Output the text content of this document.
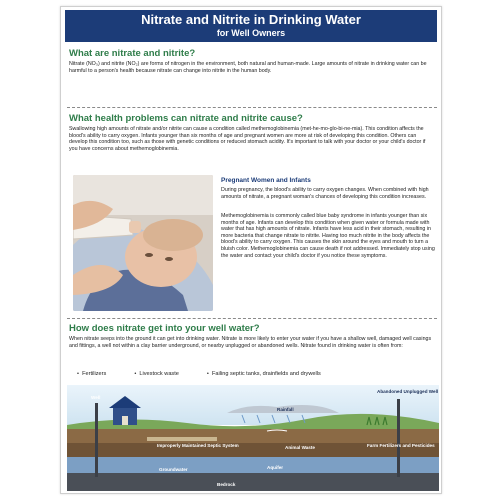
Nitrate and Nitrite in Drinking Water
for Well Owners
What are nitrate and nitrite?

Nitrate (NO₃) and nitrite (NO₂) are forms of nitrogen in the environment, both natural and human-made. Large amounts of nitrate in drinking water can be harmful to a person's health because nitrate can change into nitrite in the human body.

What health problems can nitrate and nitrite cause?

Swallowing high amounts of nitrate and/or nitrite can cause a condition called methemoglobinemia (met-he-mo-glo-bi-ne-mia). This condition affects the blood's ability to carry oxygen. Infants younger than six months of age and pregnant women are more at risk of developing this condition. Others can develop this condition too, such as those with genetic conditions or reduced stomach acidity. It's important to talk with your doctor or your child's doctor if you have concerns about methemoglobinemia.

Pregnant Women and Infants

During pregnancy, the blood's ability to carry oxygen changes. When combined with high amounts of nitrate, a pregnant woman's chances of developing this condition increases.

Methemoglobinemia is commonly called blue baby syndrome in infants younger than six months of age. Infants can develop this condition when given water or formula made with water that has high amounts of nitrate. Infants have less acid in their stomach, resulting in more bacteria that change nitrate to nitrite. Having too much nitrite in the body affects the blood's ability to carry oxygen. This causes the skin around the eyes and mouth to turn a bluish color. Methemoglobinemia can cause death if not addressed. Immediately stop using the water and contact your child's doctor if you notice these symptoms.

How does nitrate get into your well water?

When nitrate seeps into the ground it can get into drinking water. Nitrate is more likely to enter your water if you have a shallow well, damaged well casings and fittings, a well not within a clay barrier underground, or nearby unplugged or abandoned wells. Nitrate found in drinking water is often from:

•  Fertilizers	•  Livestock waste	•  Failing septic tanks, drainfields and drywells
Well
Rainfall
Abandoned Unplugged Well
Improperly Maintained Septic System	Animal Waste	Farm Fertilizers and Pesticides
Groundwater	Aquifer
Bedrock
